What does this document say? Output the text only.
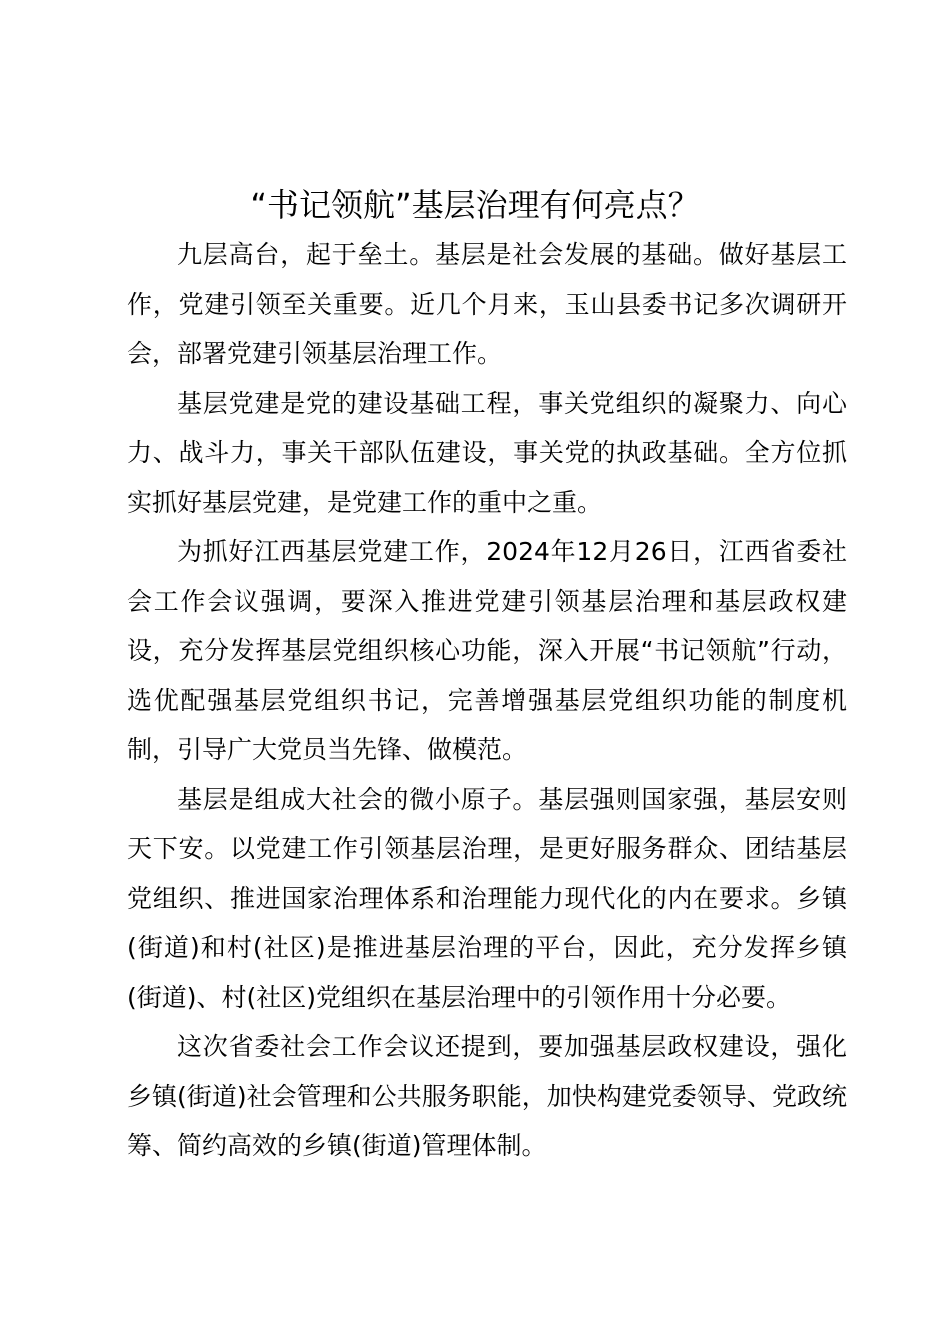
“书记领航”基层治理有何亮点？

九层高台，起于垒土。基层是社会发展的基础。做好基层工作，党建引领至关重要。近几个月来，玉山县委书记多次调研开会，部署党建引领基层治理工作。

基层党建是党的建设基础工程，事关党组织的凝聚力、向心力、战斗力，事关干部队伍建设，事关党的执政基础。全方位抓实抓好基层党建，是党建工作的重中之重。

为抓好江西基层党建工作，2024年12月26日，江西省委社会工作会议强调，要深入推进党建引领基层治理和基层政权建设，充分发挥基层党组织核心功能，深入开展“书记领航”行动，选优配强基层党组织书记，完善增强基层党组织功能的制度机制，引导广大党员当先锋、做模范。

基层是组成大社会的微小原子。基层强则国家强，基层安则天下安。以党建工作引领基层治理，是更好服务群众、团结基层党组织、推进国家治理体系和治理能力现代化的内在要求。乡镇(街道)和村(社区)是推进基层治理的平台，因此，充分发挥乡镇(街道)、村(社区)党组织在基层治理中的引领作用十分必要。

这次省委社会工作会议还提到，要加强基层政权建设，强化乡镇(街道)社会管理和公共服务职能，加快构建党委领导、党政统筹、简约高效的乡镇(街道)管理体制。
